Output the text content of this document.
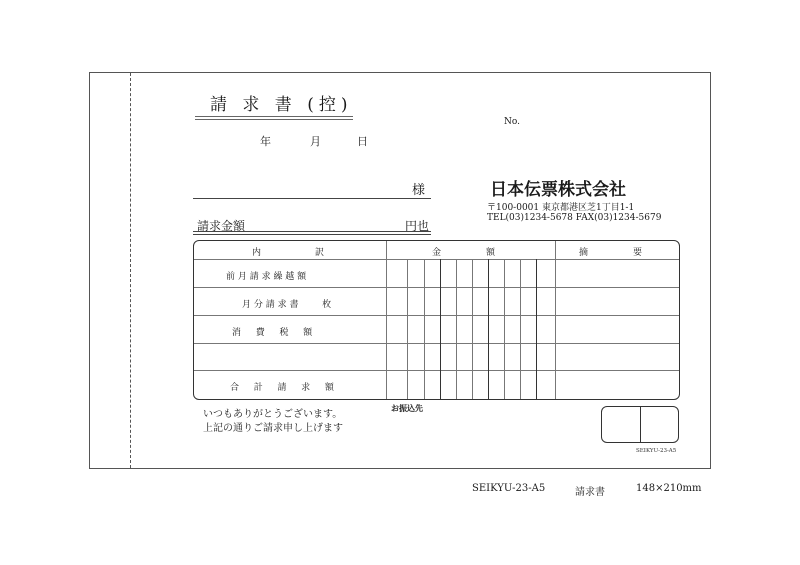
請 求 書 (控)
No.
年	月	日
様
請求金額	円也
日本伝票株式会社
〒100-0001 東京都港区芝1丁目1-1
TEL(03)1234-5678 FAX(03)1234-5679
内　　　　　　訳	金　　　　　額	摘　　　　　要
前 月 請 求 繰 越 額
月 分 請 求 書 　 　枚
消 　 費 　 税 　 額
合 　 計 　 請 　 求 　 額
いつもありがとうございます。
上記の通りご請求申し上げます
お振込先
SEIKYU-23-A5
SEIKYU-23-A5	請求書	148×210mm
